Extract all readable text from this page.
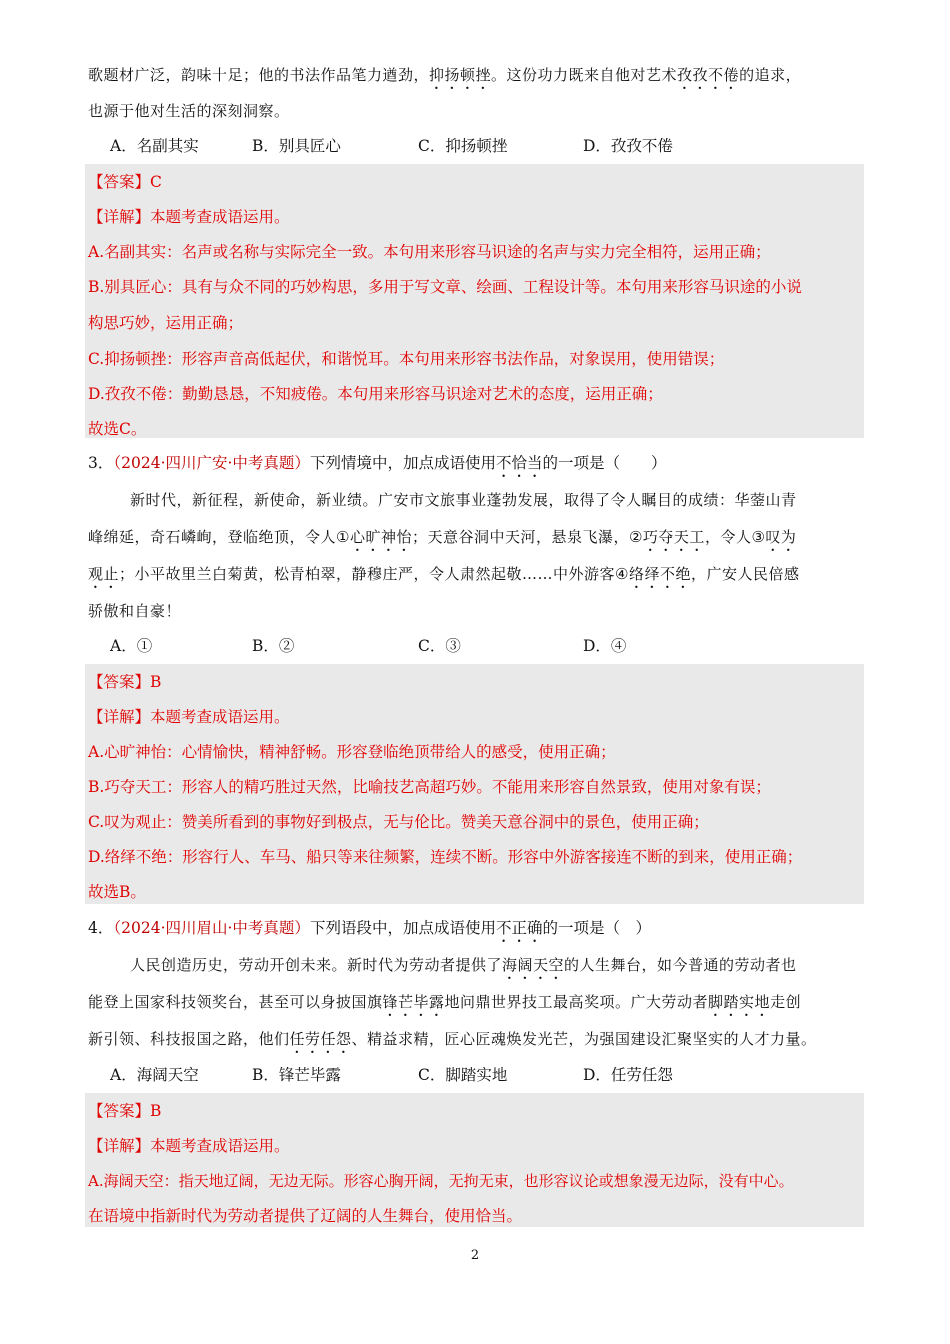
歌题材广泛，韵味十足；他的书法作品笔力遒劲，抑扬顿挫。这份功力既来自他对艺术孜孜不倦的追求，
也源于他对生活的深刻洞察。
A．名副其实	B．别具匠心	C．抑扬顿挫	D．孜孜不倦
【答案】C
【详解】本题考查成语运用。
A.名副其实：名声或名称与实际完全一致。本句用来形容马识途的名声与实力完全相符，运用正确；
B.别具匠心：具有与众不同的巧妙构思，多用于写文章、绘画、工程设计等。本句用来形容马识途的小说
构思巧妙，运用正确；
C.抑扬顿挫：形容声音高低起伏，和谐悦耳。本句用来形容书法作品，对象误用，使用错误；
D.孜孜不倦：勤勤恳恳，不知疲倦。本句用来形容马识途对艺术的态度，运用正确；
故选C。
3．（2024·四川广安·中考真题）下列情境中，加点成语使用不恰当的一项是（　　）
新时代，新征程，新使命，新业绩。广安市文旅事业蓬勃发展，取得了令人瞩目的成绩：华蓥山青
峰绵延，奇石嶙峋，登临绝顶，令人①心旷神怡；天意谷洞中天河，悬泉飞瀑，②巧夺天工，令人③叹为
观止；小平故里兰白菊黄，松青柏翠，静穆庄严，令人肃然起敬……中外游客④络绎不绝，广安人民倍感
骄傲和自豪！
A．①	B．②	C．③	D．④
【答案】B
【详解】本题考查成语运用。
A.心旷神怡：心情愉快，精神舒畅。形容登临绝顶带给人的感受，使用正确；
B.巧夺天工：形容人的精巧胜过天然，比喻技艺高超巧妙。不能用来形容自然景致，使用对象有误；
C.叹为观止：赞美所看到的事物好到极点，无与伦比。赞美天意谷洞中的景色，使用正确；
D.络绎不绝：形容行人、车马、船只等来往频繁，连续不断。形容中外游客接连不断的到来，使用正确；
故选B。
4．（2024·四川眉山·中考真题）下列语段中，加点成语使用不正确的一项是（　）
人民创造历史，劳动开创未来。新时代为劳动者提供了海阔天空的人生舞台，如今普通的劳动者也
能登上国家科技领奖台，甚至可以身披国旗锋芒毕露地问鼎世界技工最高奖项。广大劳动者脚踏实地走创
新引领、科技报国之路，他们任劳任怨、精益求精，匠心匠魂焕发光芒，为强国建设汇聚坚实的人才力量。
A．海阔天空	B．锋芒毕露	C．脚踏实地	D．任劳任怨
【答案】B
【详解】本题考查成语运用。
A.海阔天空：指天地辽阔，无边无际。形容心胸开阔，无拘无束，也形容议论或想象漫无边际，没有中心。
在语境中指新时代为劳动者提供了辽阔的人生舞台，使用恰当。
2
